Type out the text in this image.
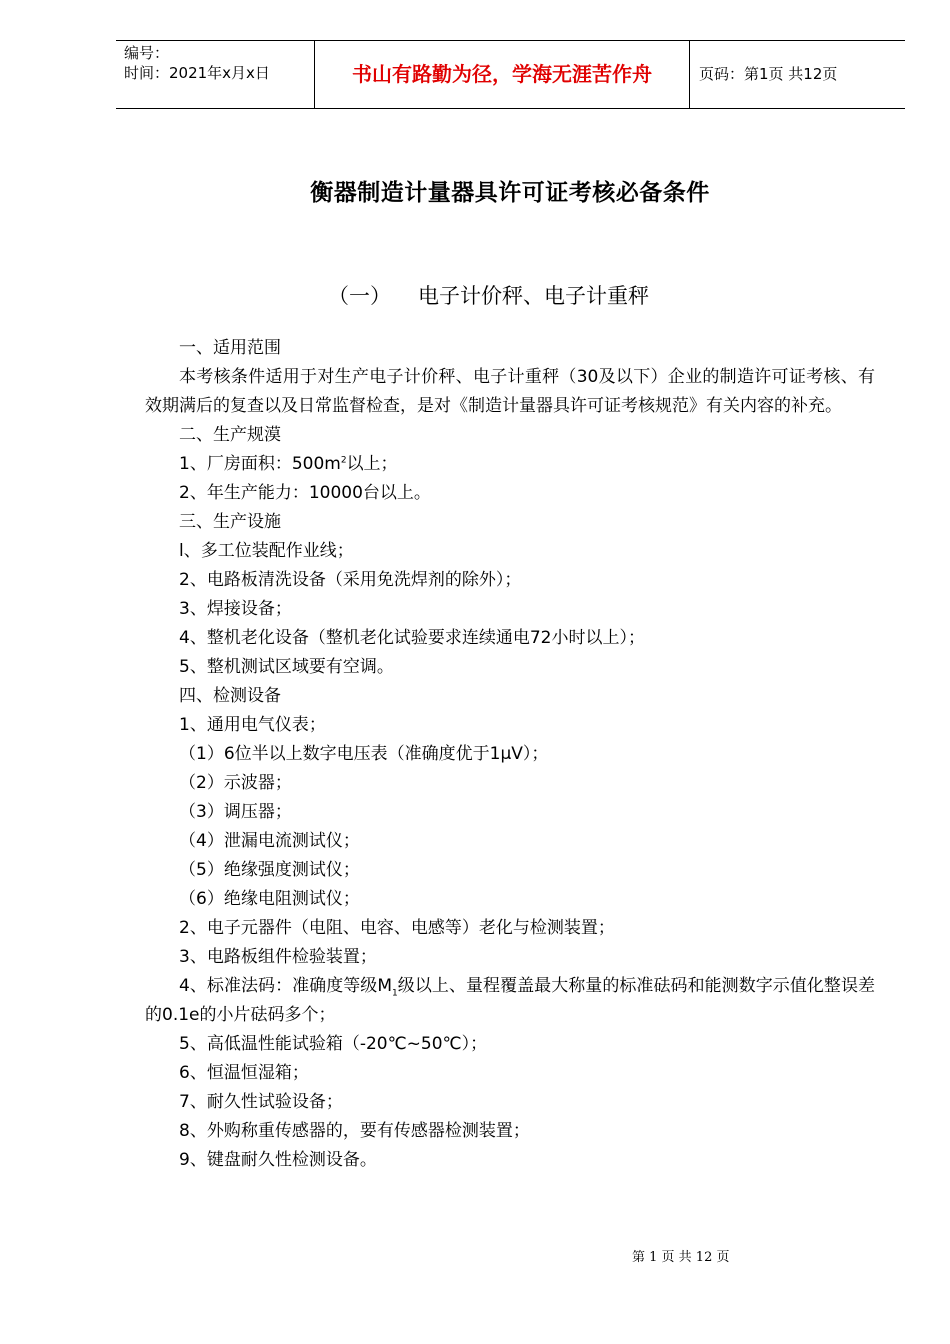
编号：
时间：2021年x月x日	书山有路勤为径，学海无涯苦作舟	页码：第1页 共12页
衡器制造计量器具许可证考核必备条件
（一） 电子计价秤、电子计重秤

一、适用范围

本考核条件适用于对生产电子计价秤、电子计重秤（30及以下）企业的制造许可证考核、有效期满后的复查以及日常监督检查，是对《制造计量器具许可证考核规范》有关内容的补充。

二、生产规漠

1、厂房面积：$500m^2$以上；

2、年生产能力：10000台以上。

三、生产设施

l、多工位装配作业线；

2、电路板清洗设备（采用免洗焊剂的除外）；

3、焊接设备；

4、整机老化设备（整机老化试验要求连续通电72小时以上）；

5、整机测试区域要有空调。

四、检测设备

1、通用电气仪表；

（1）6位半以上数字电压表（准确度优于1μV）；

（2）示波器；

（3）调压器；

（4）泄漏电流测试仪；

（5）绝缘强度测试仪；

（6）绝缘电阻测试仪；

2、电子元器件（电阻、电容、电感等）老化与检测装置；

3、电路板组件检验装置；

4、标准法码：准确度等级$M_1$级以上、量程覆盖最大称量的标准砝码和能测数字示值化整误差的0.1e的小片砝码多个；

5、高低温性能试验箱（-20℃~50℃）；

6、恒温恒湿箱；

7、耐久性试验设备；

8、外购称重传感器的，要有传感器检测装置；

9、键盘耐久性检测设备。

第 1 页 共 12 页
